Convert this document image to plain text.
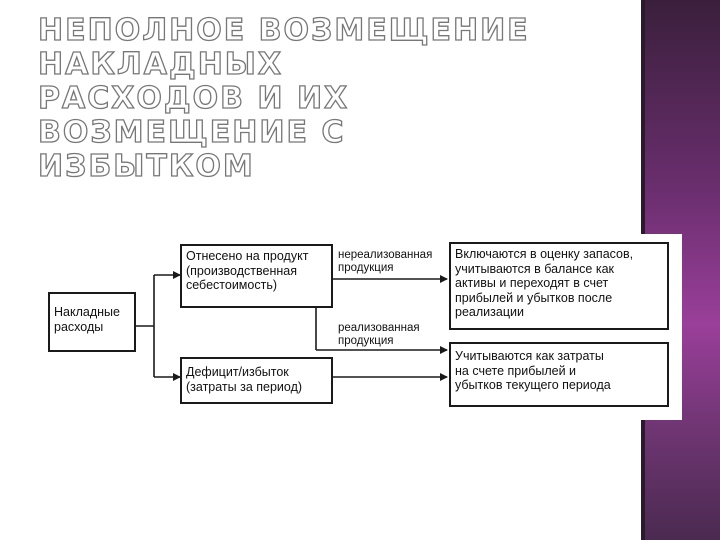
НЕПОЛНОЕ ВОЗМЕЩЕНИЕ НАКЛАДНЫХ
РАСХОДОВ И ИХ ВОЗМЕЩЕНИЕ С
ИЗБЫТКОМ
Накладные
расходы
Отнесено на продукт
(производственная
себестоимость)
Дефицит/избыток
(затраты за период)
Включаются в оценку запасов,
учитываются в балансе как
активы и переходят в счет
прибылей и убытков после
реализации
Учитываются как затраты
на счете прибылей и
убытков текущего периода
нереализованная
продукция
реализованная
продукция
